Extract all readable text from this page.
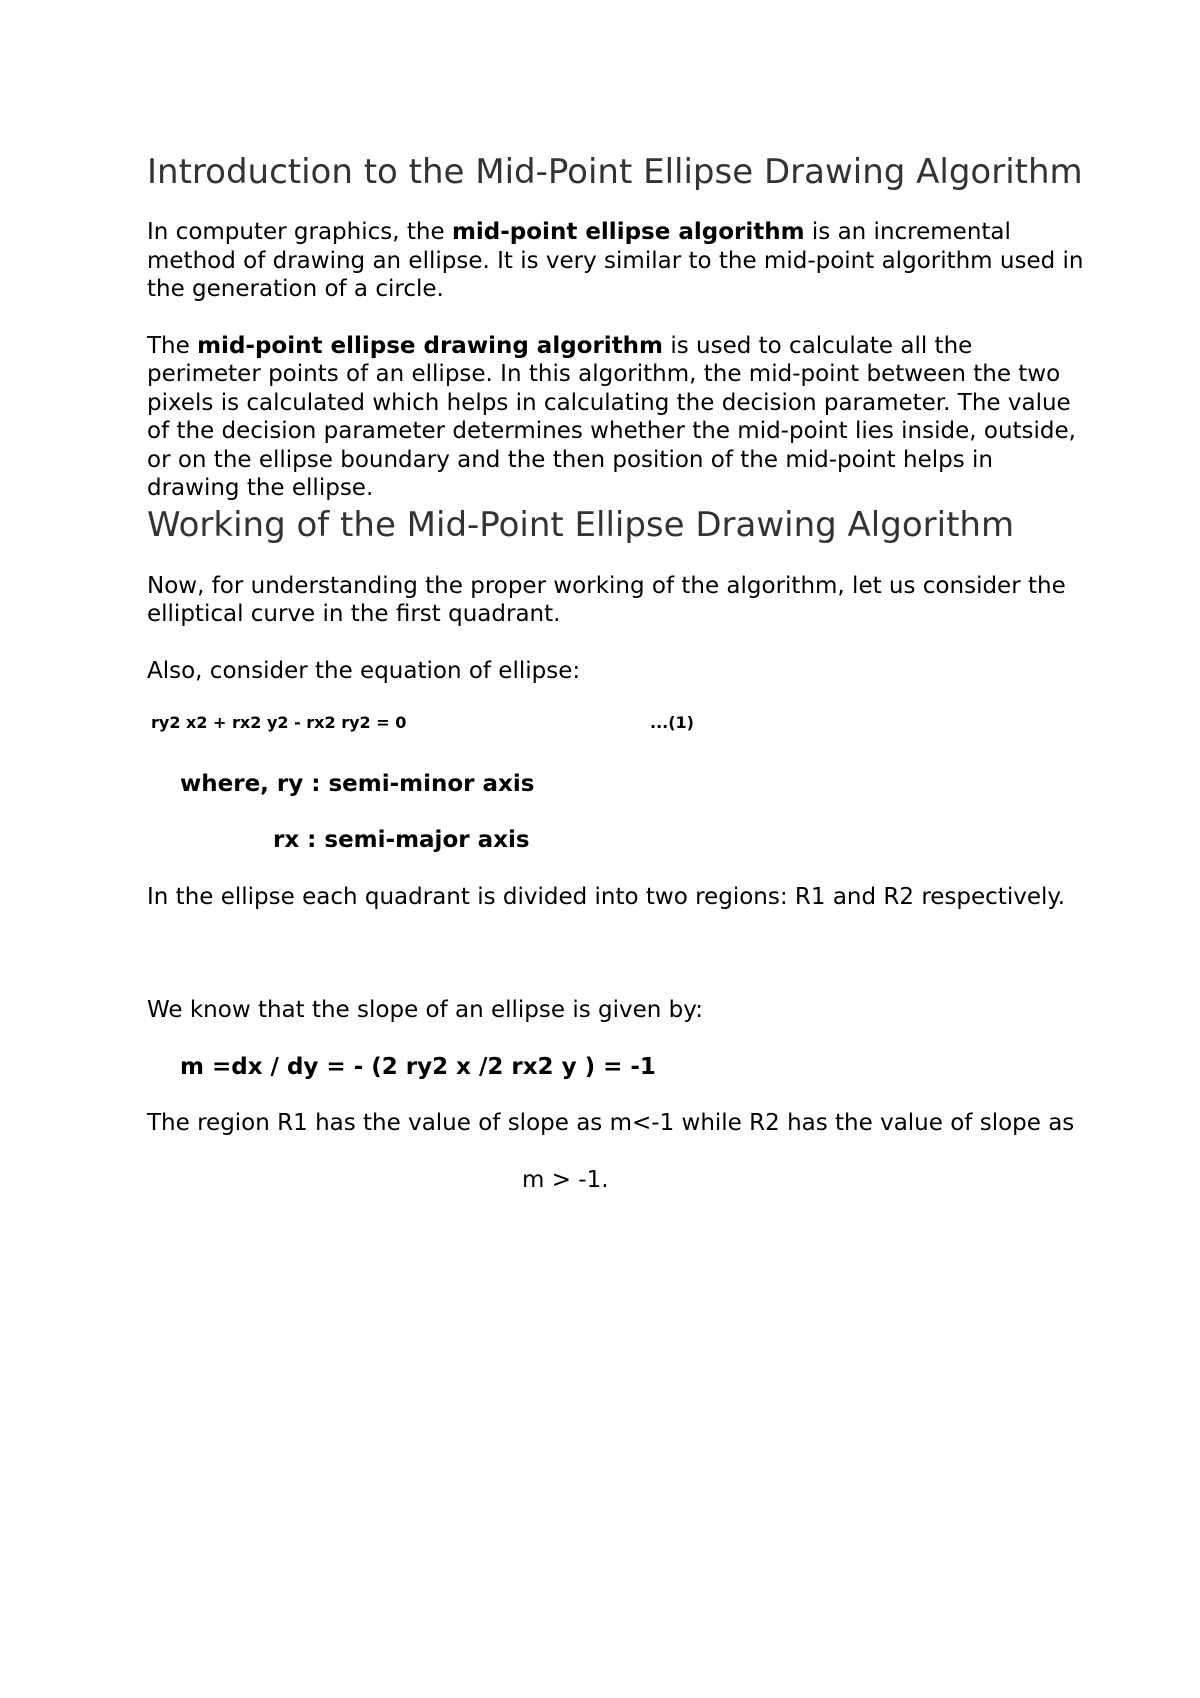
Introduction to the Mid-Point Ellipse Drawing Algorithm

In computer graphics, the mid-point ellipse algorithm is an incremental method of drawing an ellipse. It is very similar to the mid-point algorithm used in the generation of a circle.

The mid-point ellipse drawing algorithm is used to calculate all the perimeter points of an ellipse. In this algorithm, the mid-point between the two pixels is calculated which helps in calculating the decision parameter. The value of the decision parameter determines whether the mid-point lies inside, outside, or on the ellipse boundary and the then position of the mid-point helps in drawing the ellipse.

Working of the Mid-Point Ellipse Drawing Algorithm

Now, for understanding the proper working of the algorithm, let us consider the elliptical curve in the first quadrant.

Also, consider the equation of ellipse:

ry2 x2 + rx2 y2 - rx2 ry2 = 0	...(1)

where, ry : semi-minor axis

rx : semi-major axis

In the ellipse each quadrant is divided into two regions: R1 and R2 respectively.

We know that the slope of an ellipse is given by:

m =dx / dy = - (2 ry2 x /2 rx2 y ) = -1

The region R1 has the value of slope as m<-1 while R2 has the value of slope as

m > -1.
